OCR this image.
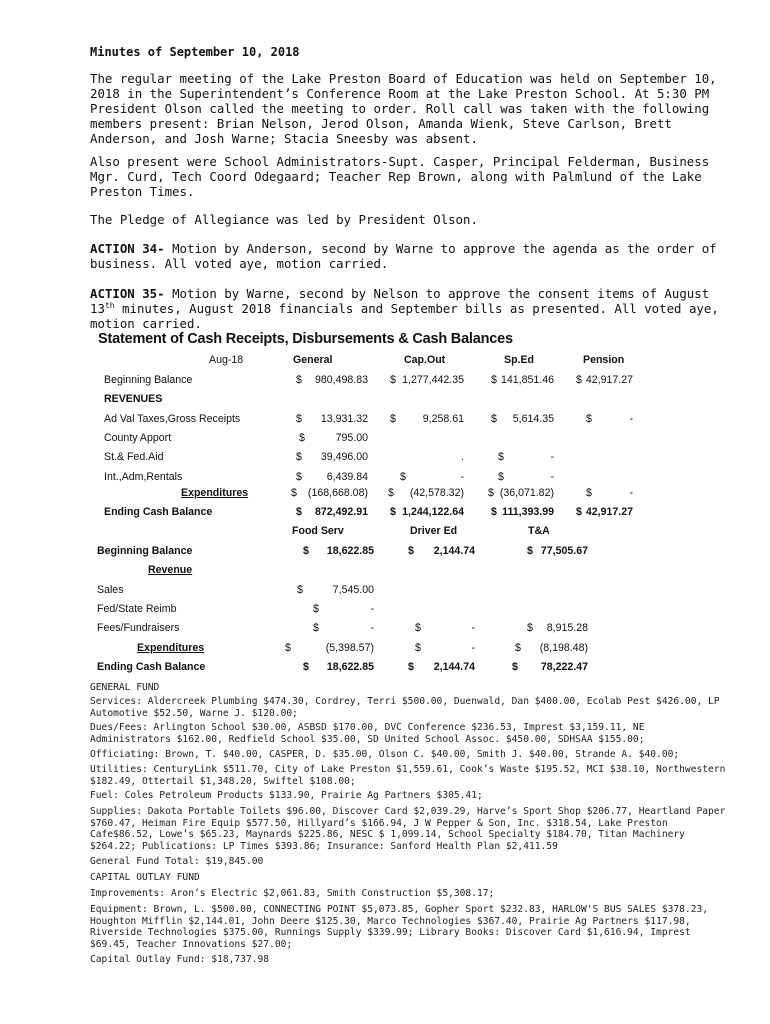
Minutes of September 10, 2018
The regular meeting of the Lake Preston Board of Education was held on September 10, 2018 in the Superintendent’s Conference Room at the Lake Preston School. At 5:30 PM President Olson called the meeting to order. Roll call was taken with the following members present: Brian Nelson, Jerod Olson, Amanda Wienk, Steve Carlson, Brett Anderson, and Josh Warne; Stacia Sneesby was absent.
Also present were School Administrators-Supt. Casper, Principal Felderman, Business Mgr. Curd, Tech Coord Odegaard; Teacher Rep Brown, along with Palmlund of the Lake Preston Times.
The Pledge of Allegiance was led by President Olson.
ACTION 34- Motion by Anderson, second by Warne to approve the agenda as the order of business. All voted aye, motion carried.
ACTION 35- Motion by Warne, second by Nelson to approve the consent items of August 13th minutes, August 2018 financials and September bills as presented. All voted aye, motion carried.
Statement of Cash Receipts, Disbursements & Cash Balances
Aug-18	General	Cap.Out	Sp.Ed	Pension
Beginning Balance	$	980,498.83 $ 1,277,442.35	$ 141,851.46 $ 42,917.27
REVENUES
Ad Val Taxes,Gross Receipts	$	13,931.32 $	9,258.61	$	5,614.35	$	-
County Apport	$	795.00
St.& Fed.Aid	$	39,496.00	.	$	-
Int.,Adm,Rentals	$	6,439.84	$	-	$	-
Expenditures	$	(168,668.08) $	(42,578.32) $ (36,071.82)	$	-
Ending Cash Balance	$	872,492.91 $ 1,244,122.64	$ 111,393.99 $ 42,917.27
Food Serv	Driver Ed	T&A
Beginning Balance	$	18,622.85	$	2,144.74	$ 77,505.67
Revenue
Sales	$	7,545.00
Fed/State Reimb	$	-
Fees/Fundraisers	$	-	$	-	$	8,915.28
Expenditures	$	(5,398.57)	$	-	$	(8,198.48)
Ending Cash Balance	$	18,622.85	$	2,144.74	$	78,222.47
GENERAL FUND
Services: Aldercreek Plumbing $474.30, Cordrey, Terri $500.00, Duenwald, Dan $400.00, Ecolab Pest $426.00, LP Automotive $52.50, Warne J. $120.00;
Dues/Fees: Arlington School $30.00, ASBSD $170.00, DVC Conference $236.53, Imprest $3,159.11, NE Administrators $162.00, Redfield School $35.00, SD United School Assoc. $450.00, SDHSAA $155.00;
Officiating: Brown, T. $40.00, CASPER, D. $35.00, Olson C. $40.00, Smith J. $40.00, Strande A. $40.00;
Utilities: CenturyLink $511.70, City of Lake Preston $1,559.61, Cook’s Waste $195.52, MCI $38.10, Northwestern $182.49, Ottertail $1,348.20, Swiftel $108.00;
Fuel: Coles Petroleum Products $133.90, Prairie Ag Partners $305.41;
Supplies: Dakota Portable Toilets $96.00, Discover Card $2,039.29, Harve’s Sport Shop $206.77, Heartland Paper $760.47, Heiman Fire Equip $577.50, Hillyard’s $166.94, J W Pepper & Son, Inc. $318.54, Lake Preston Cafe$86.52, Lowe’s $65.23, Maynards $225.86, NESC $ 1,099.14, School Specialty $184.70, Titan Machinery $264.22; Publications: LP Times $393.86; Insurance: Sanford Health Plan $2,411.59
General Fund Total: $19,845.00
CAPITAL OUTLAY FUND
Improvements: Aron’s Electric $2,061.83, Smith Construction $5,308.17;
Equipment: Brown, L. $500.00, CONNECTING POINT $5,073.85, Gopher Sport $232.83, HARLOW'S BUS SALES $378.23, Houghton Mifflin $2,144.01, John Deere $125.30, Marco Technologies $367.40, Prairie Ag Partners $117.98, Riverside Technologies $375.00, Runnings Supply $339.99; Library Books: Discover Card $1,616.94, Imprest $69.45, Teacher Innovations $27.00;
Capital Outlay Fund: $18,737.98
